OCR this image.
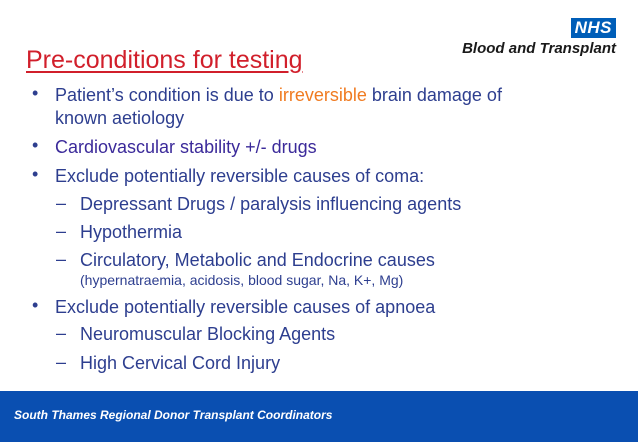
NHS
Blood and Transplant
Pre-conditions for testing
• Patient’s condition is due to irreversible brain damage of
known aetiology
• Cardiovascular stability +/- drugs
• Exclude potentially reversible causes of coma:
– Depressant Drugs / paralysis influencing agents
– Hypothermia
– Circulatory, Metabolic and Endocrine causes
(hypernatraemia, acidosis, blood sugar, Na, K+, Mg)
• Exclude potentially reversible causes of apnoea
– Neuromuscular Blocking Agents
– High Cervical Cord Injury
South Thames Regional Donor Transplant Coordinators
